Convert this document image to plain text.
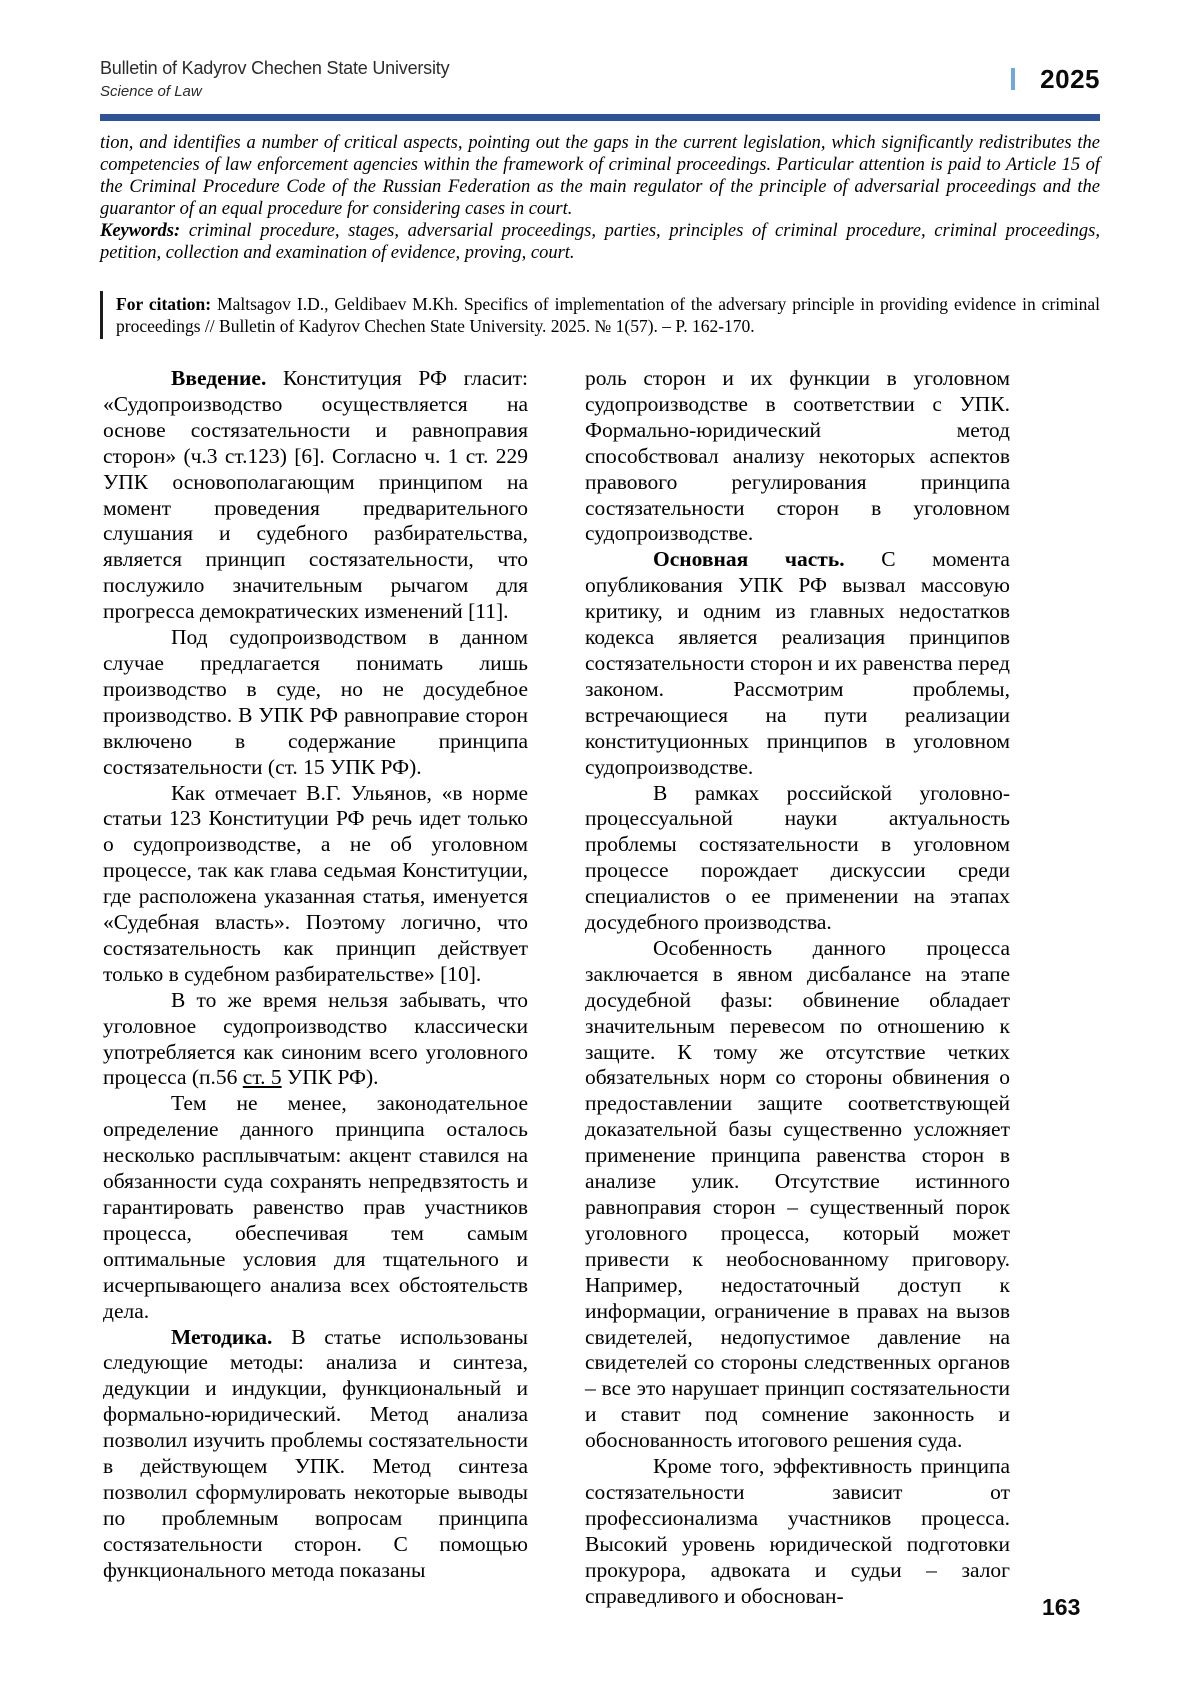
Bulletin of Kadyrov Chechen State University
Science of Law	2025

tion, and identifies a number of critical aspects, pointing out the gaps in the current legislation, which significantly redistributes the competencies of law enforcement agencies within the framework of criminal proceedings. Particular attention is paid to Article 15 of the Criminal Procedure Code of the Russian Federation as the main regulator of the principle of adversarial proceedings and the guarantor of an equal procedure for considering cases in court.

Keywords: criminal procedure, stages, adversarial proceedings, parties, principles of criminal procedure, criminal proceedings, petition, collection and examination of evidence, proving, court.

For citation: Maltsagov I.D., Geldibaev M.Kh. Specifics of implementation of the adversary principle in providing evidence in criminal proceedings // Bulletin of Kadyrov Chechen State University. 2025. № 1(57). – P. 162-170.

Введение. Конституция РФ гласит: «Судопроизводство осуществляется на основе состязательности и равноправия сторон» (ч.3 ст.123) [6]. Согласно ч. 1 ст. 229 УПК основополагающим принципом на момент проведения предварительного слушания и судебного разбирательства, является принцип состязательности, что послужило значительным рычагом для прогресса демократических изменений [11].

Под судопроизводством в данном случае предлагается понимать лишь производство в суде, но не досудебное производство. В УПК РФ равноправие сторон включено в содержание принципа состязательности (ст. 15 УПК РФ).

Как отмечает В.Г. Ульянов, «в норме статьи 123 Конституции РФ речь идет только о судопроизводстве, а не об уголовном процессе, так как глава седьмая Конституции, где расположена указанная статья, именуется «Судебная власть». Поэтому логично, что состязательность как принцип действует только в судебном разбирательстве» [10].

В то же время нельзя забывать, что уголовное судопроизводство классически употребляется как синоним всего уголовного процесса (п.56 ст. 5 УПК РФ).

Тем не менее, законодательное определение данного принципа осталось несколько расплывчатым: акцент ставился на обязанности суда сохранять непредвзятость и гарантировать равенство прав участников процесса, обеспечивая тем самым оптимальные условия для тщательного и исчерпывающего анализа всех обстоятельств дела.

Методика. В статье использованы следующие методы: анализа и синтеза, дедукции и индукции, функциональный и формально-юридический. Метод анализа позволил изучить проблемы состязательности в действующем УПК. Метод синтеза позволил сформулировать некоторые выводы по проблемным вопросам принципа состязательности сторон. С помощью функционального метода показаны

роль сторон и их функции в уголовном судопроизводстве в соответствии с УПК. Формально-юридический метод способствовал анализу некоторых аспектов правового регулирования принципа состязательности сторон в уголовном судопроизводстве.

Основная часть. С момента опубликования УПК РФ вызвал массовую критику, и одним из главных недостатков кодекса является реализация принципов состязательности сторон и их равенства перед законом. Рассмотрим проблемы, встречающиеся на пути реализации конституционных принципов в уголовном судопроизводстве.

В рамках российской уголовно-процессуальной науки актуальность проблемы состязательности в уголовном процессе порождает дискуссии среди специалистов о ее применении на этапах досудебного производства.

Особенность данного процесса заключается в явном дисбалансе на этапе досудебной фазы: обвинение обладает значительным перевесом по отношению к защите. К тому же отсутствие четких обязательных норм со стороны обвинения о предоставлении защите соответствующей доказательной базы существенно усложняет применение принципа равенства сторон в анализе улик. Отсутствие истинного равноправия сторон – существенный порок уголовного процесса, который может привести к необоснованному приговору. Например, недостаточный доступ к информации, ограничение в правах на вызов свидетелей, недопустимое давление на свидетелей со стороны следственных органов – все это нарушает принцип состязательности и ставит под сомнение законность и обоснованность итогового решения суда.

Кроме того, эффективность принципа состязательности зависит от профессионализма участников процесса. Высокий уровень юридической подготовки прокурора, адвоката и судьи – залог справедливого и обоснован-	163
